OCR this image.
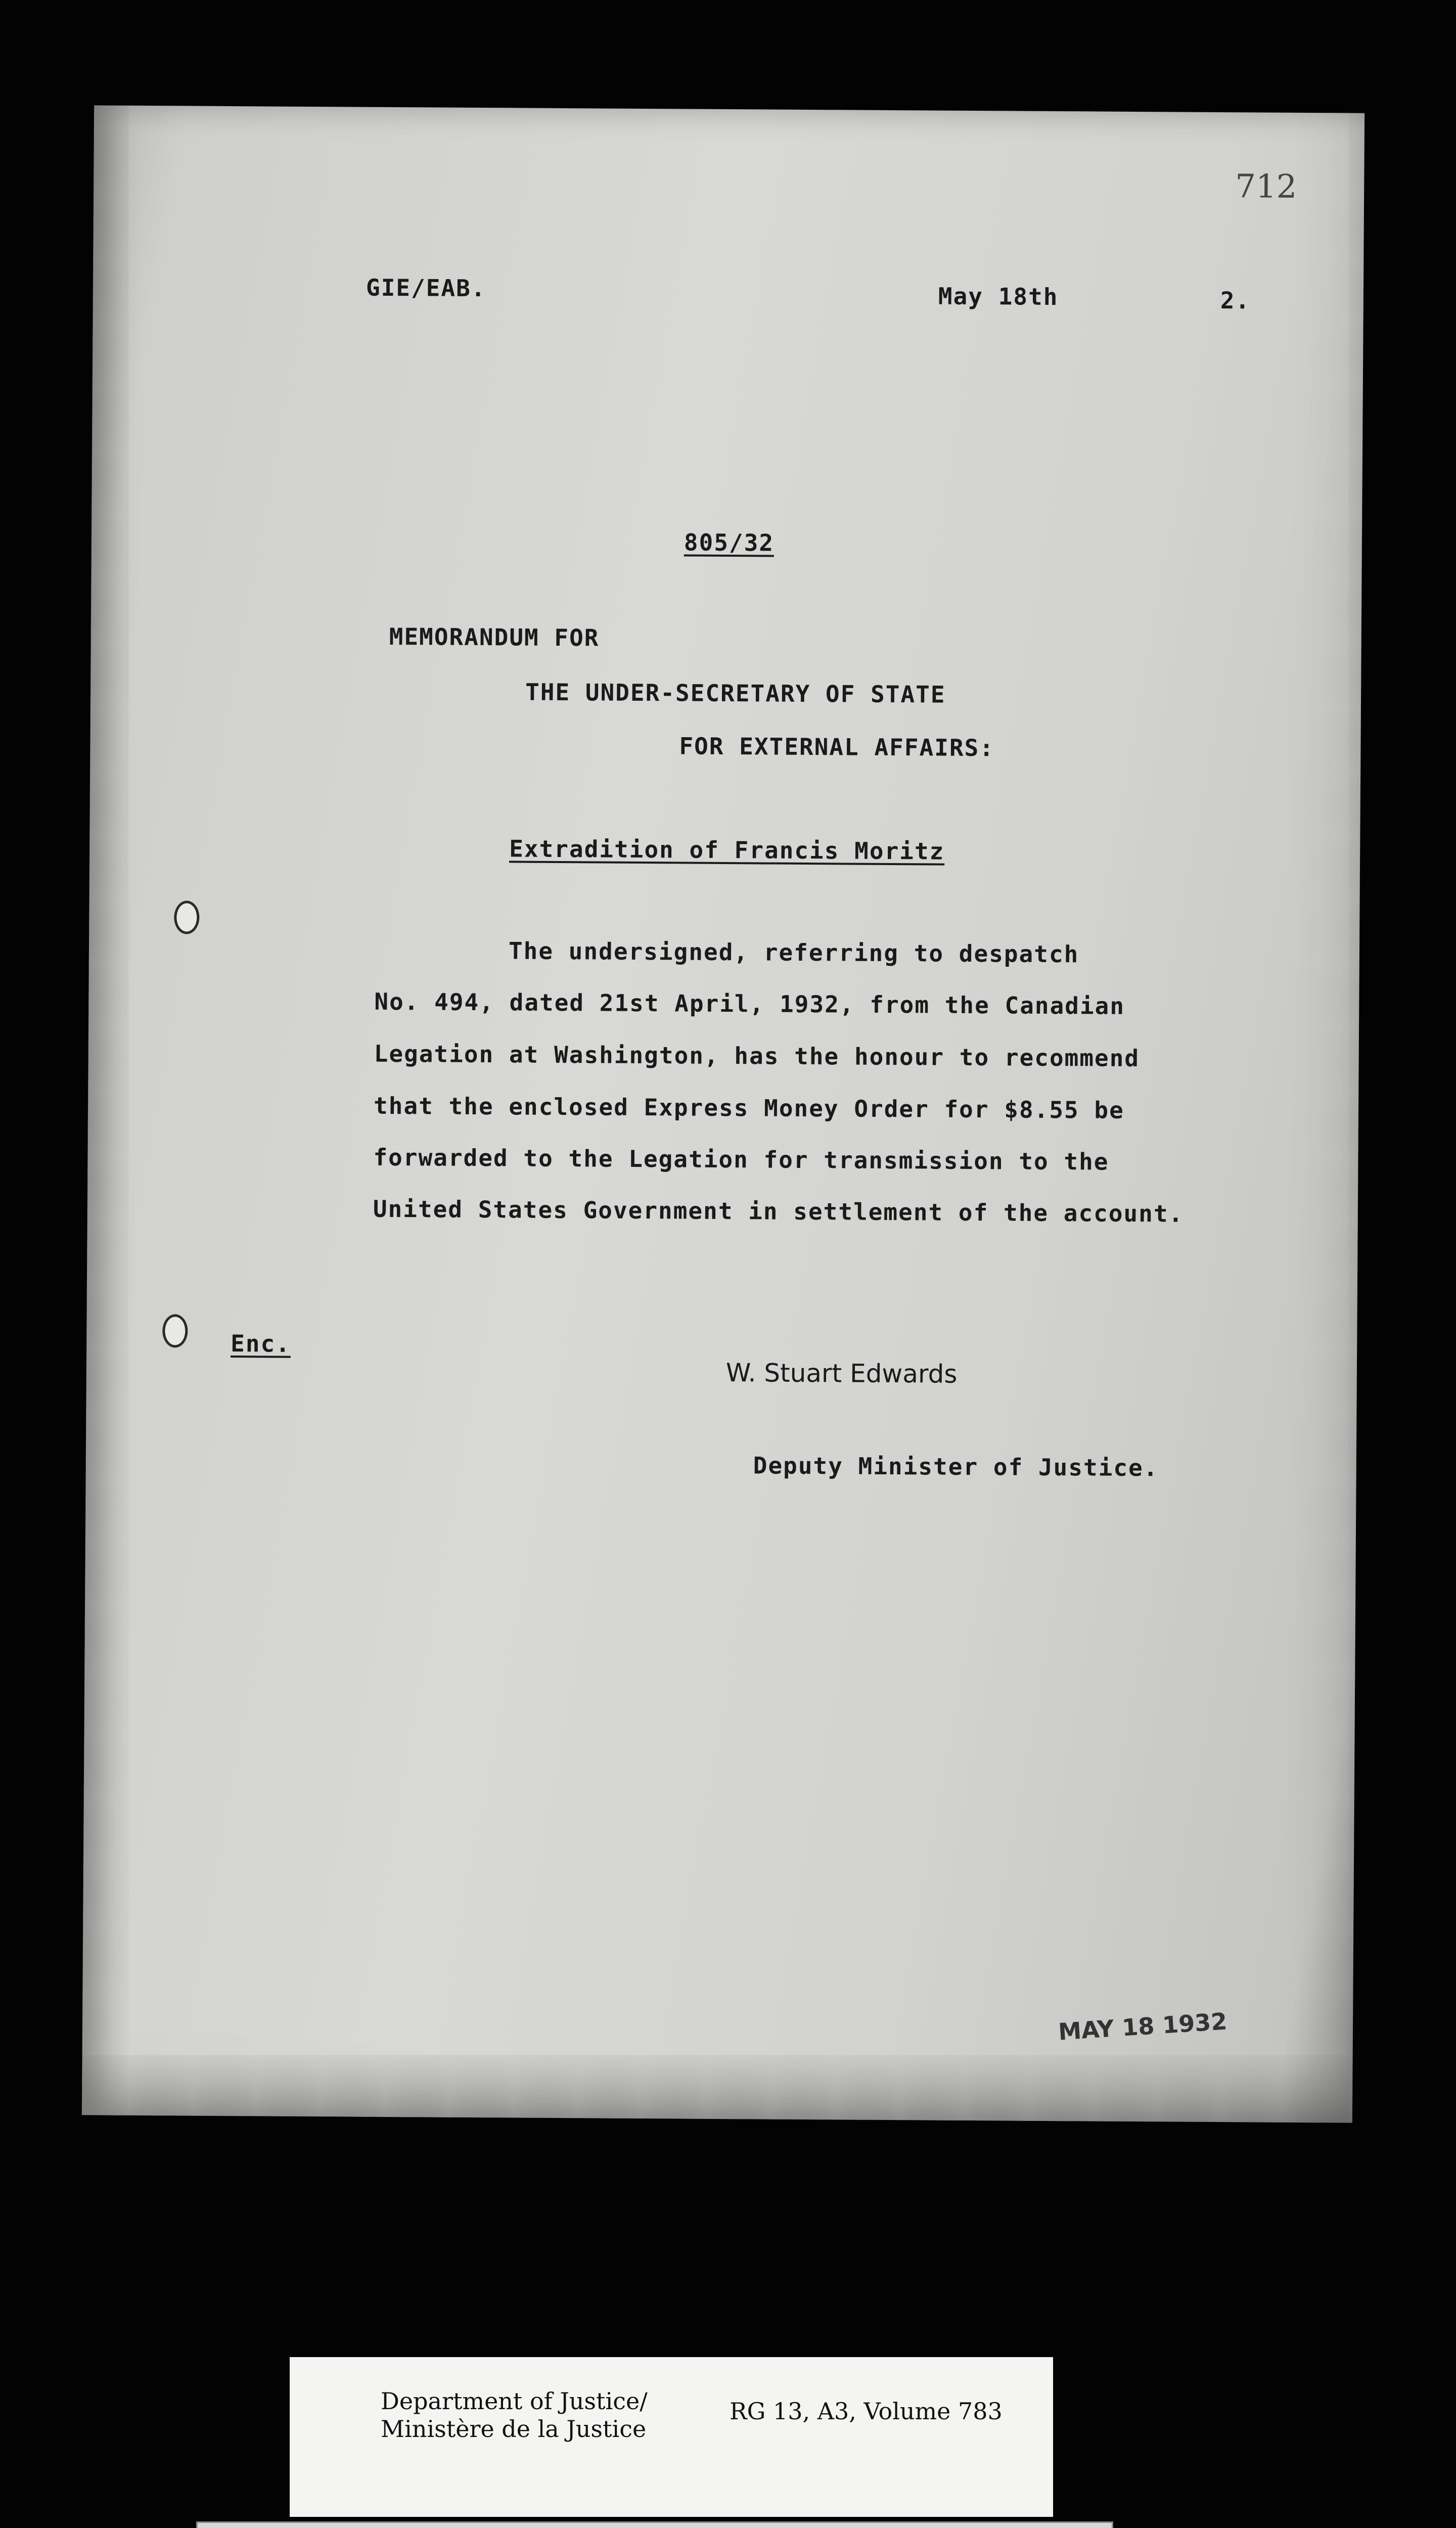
712
GIE/EAB.	May 18th	2.
805/32
MEMORANDUM FOR
THE UNDER-SECRETARY OF STATE
FOR EXTERNAL AFFAIRS:
Extradition of Francis Moritz
The undersigned, referring to despatch
No. 494, dated 21st April, 1932, from the Canadian
Legation at Washington, has the honour to recommend
that the enclosed Express Money Order for $8.55 be
forwarded to the Legation for transmission to the
United States Government in settlement of the account.
Enc.
W. Stuart Edwards
Deputy Minister of Justice.
MAY 18 1932
Department of Justice/
Ministère de la Justice
RG 13, A3, Volume 783
